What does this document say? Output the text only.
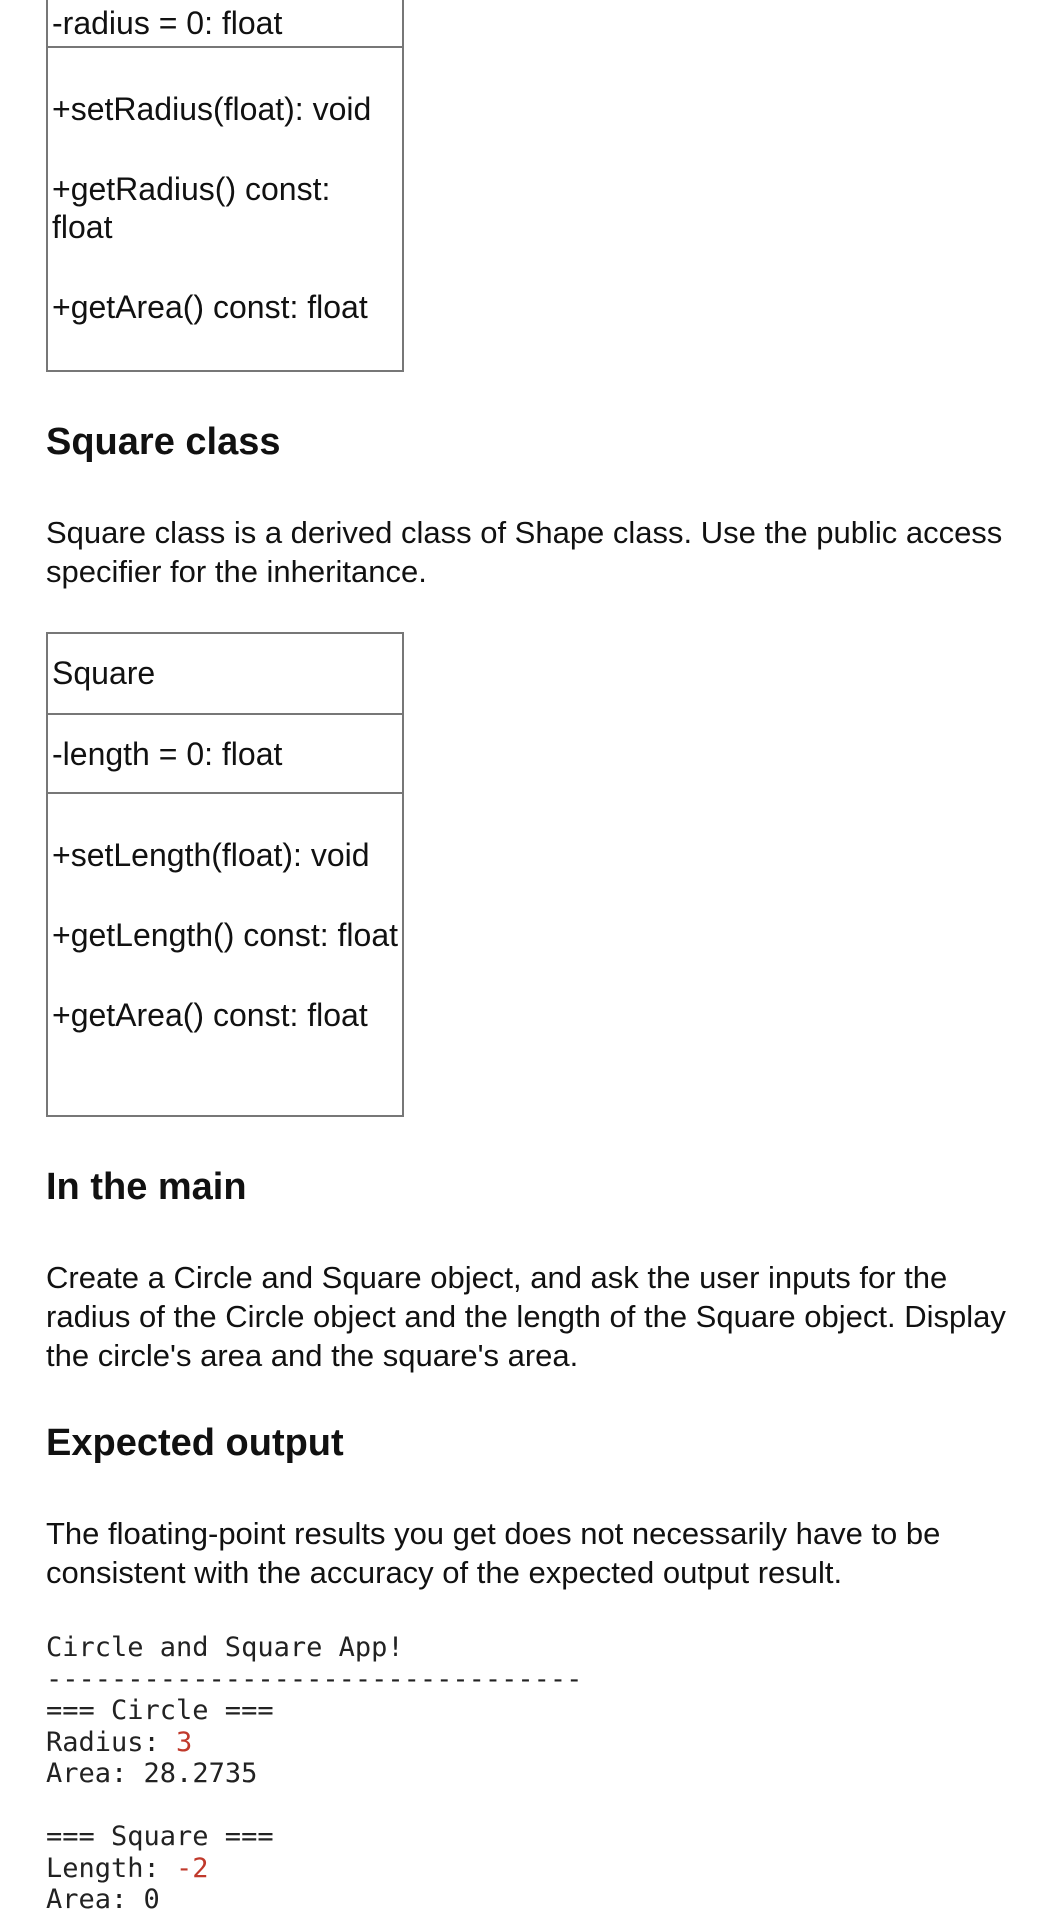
-radius = 0: float
+setRadius(float): void
+getRadius() const: float
+getArea() const: float
Square class

Square class is a derived class of Shape class. Use the public access specifier for the inheritance.

Square
-length = 0: float
+setLength(float): void
+getLength() const: float
+getArea() const: float
In the main

Create a Circle and Square object, and ask the user inputs for the radius of the Circle object and the length of the Square object. Display the circle's area and the square's area.

Expected output

The floating-point results you get does not necessarily have to be consistent with the accuracy of the expected output result.

Circle and Square App!
---------------------------------
=== Circle ===
Radius: 3
Area: 28.2735

=== Square ===
Length: -2
Area: 0
